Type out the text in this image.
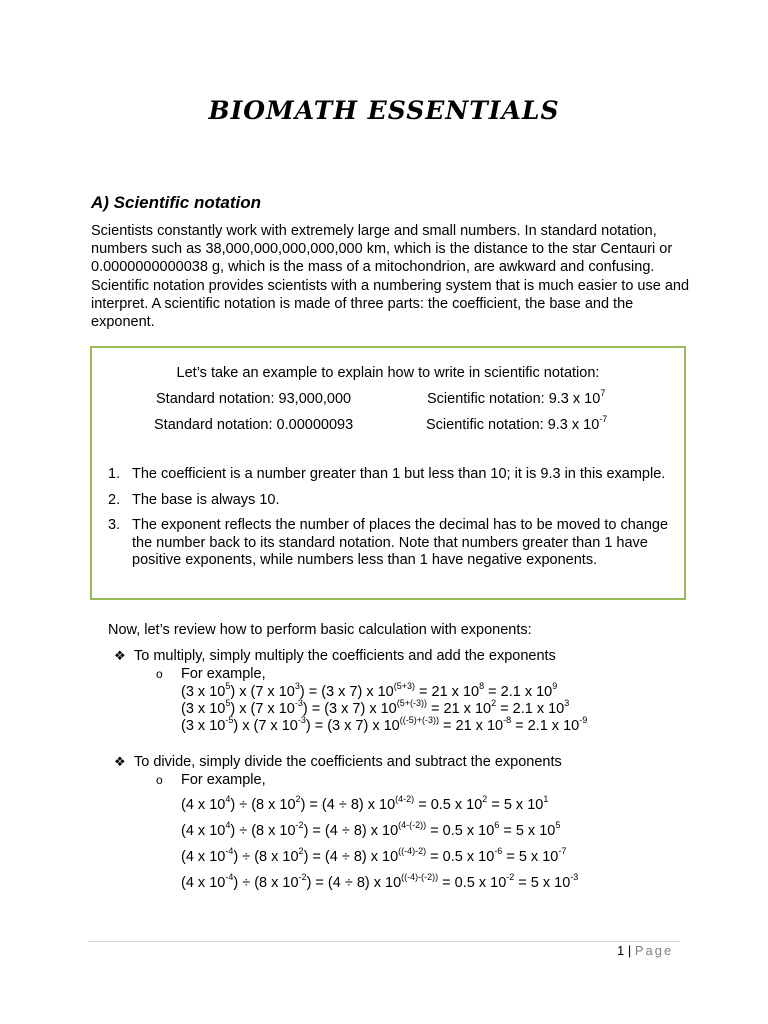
BIOMATH ESSENTIALS
A) Scientific notation

Scientists constantly work with extremely large and small numbers. In standard notation, numbers such as 38,000,000,000,000,000 km, which is the distance to the star Centauri or 0.0000000000038 g, which is the mass of a mitochondrion, are awkward and confusing. Scientific notation provides scientists with a numbering system that is much easier to use and interpret. A scientific notation is made of three parts: the coefficient, the base and the exponent.

Let’s take an example to explain how to write in scientific notation:
Standard notation: 93,000,000	Scientific notation: 9.3 x $10^7$
Standard notation: 0.00000093	Scientific notation: 9.3 x $10^{-7}$
1. The coefficient is a number greater than 1 but less than 10; it is 9.3 in this example.
2. The base is always 10.
3. The exponent reflects the number of places the decimal has to be moved to change the number back to its standard notation. Note that numbers greater than 1 have positive exponents, while numbers less than 1 have negative exponents.
Now, let’s review how to perform basic calculation with exponents:
❖ To multiply, simply multiply the coefficients and add the exponents
o For example,
(3 x $10^5$) x (7 x $10^3) = (3$ x 7) x $10^{(5+3)} = 21$ x $10^8 = 2.1$ x $10^9$
(3 x $10^5$) x (7 x $10^{-3}) = (3$ x 7) x $10^{(5+(-3))} = 21$ x $10^2 = 2.1$ x $10^3$
(3 x $10^{-5}$) x (7 x $10^{-3}) = (3$ x 7) x $10^{((-5)+(-3))} = 21$ x $10^{-8} = 2.1$ x $10^{-9}$
❖ To divide, simply divide the coefficients and subtract the exponents
o For example,
(4 x $10^4) \div (8$ x $10^2) = (4 \div 8)$ x $10^{(4-2)} = 0.5$ x $10^2 = 5$ x $10^1$
(4 x $10^4) \div (8$ x $10^{-2}) = (4 \div 8)$ x $10^{(4-(-2))} = 0.5$ x $10^6 = 5$ x $10^5$
(4 x $10^{-4}) \div (8$ x $10^2) = (4 \div 8)$ x $10^{((-4)-2)} = 0.5$ x $10^{-6} = 5$ x $10^{-7}$
(4 x $10^{-4}) \div (8$ x $10^{-2}) = (4 \div 8)$ x $10^{((-4)-(-2))} = 0.5$ x $10^{-2} = 5$ x $10^{-3}$
1 | Page
